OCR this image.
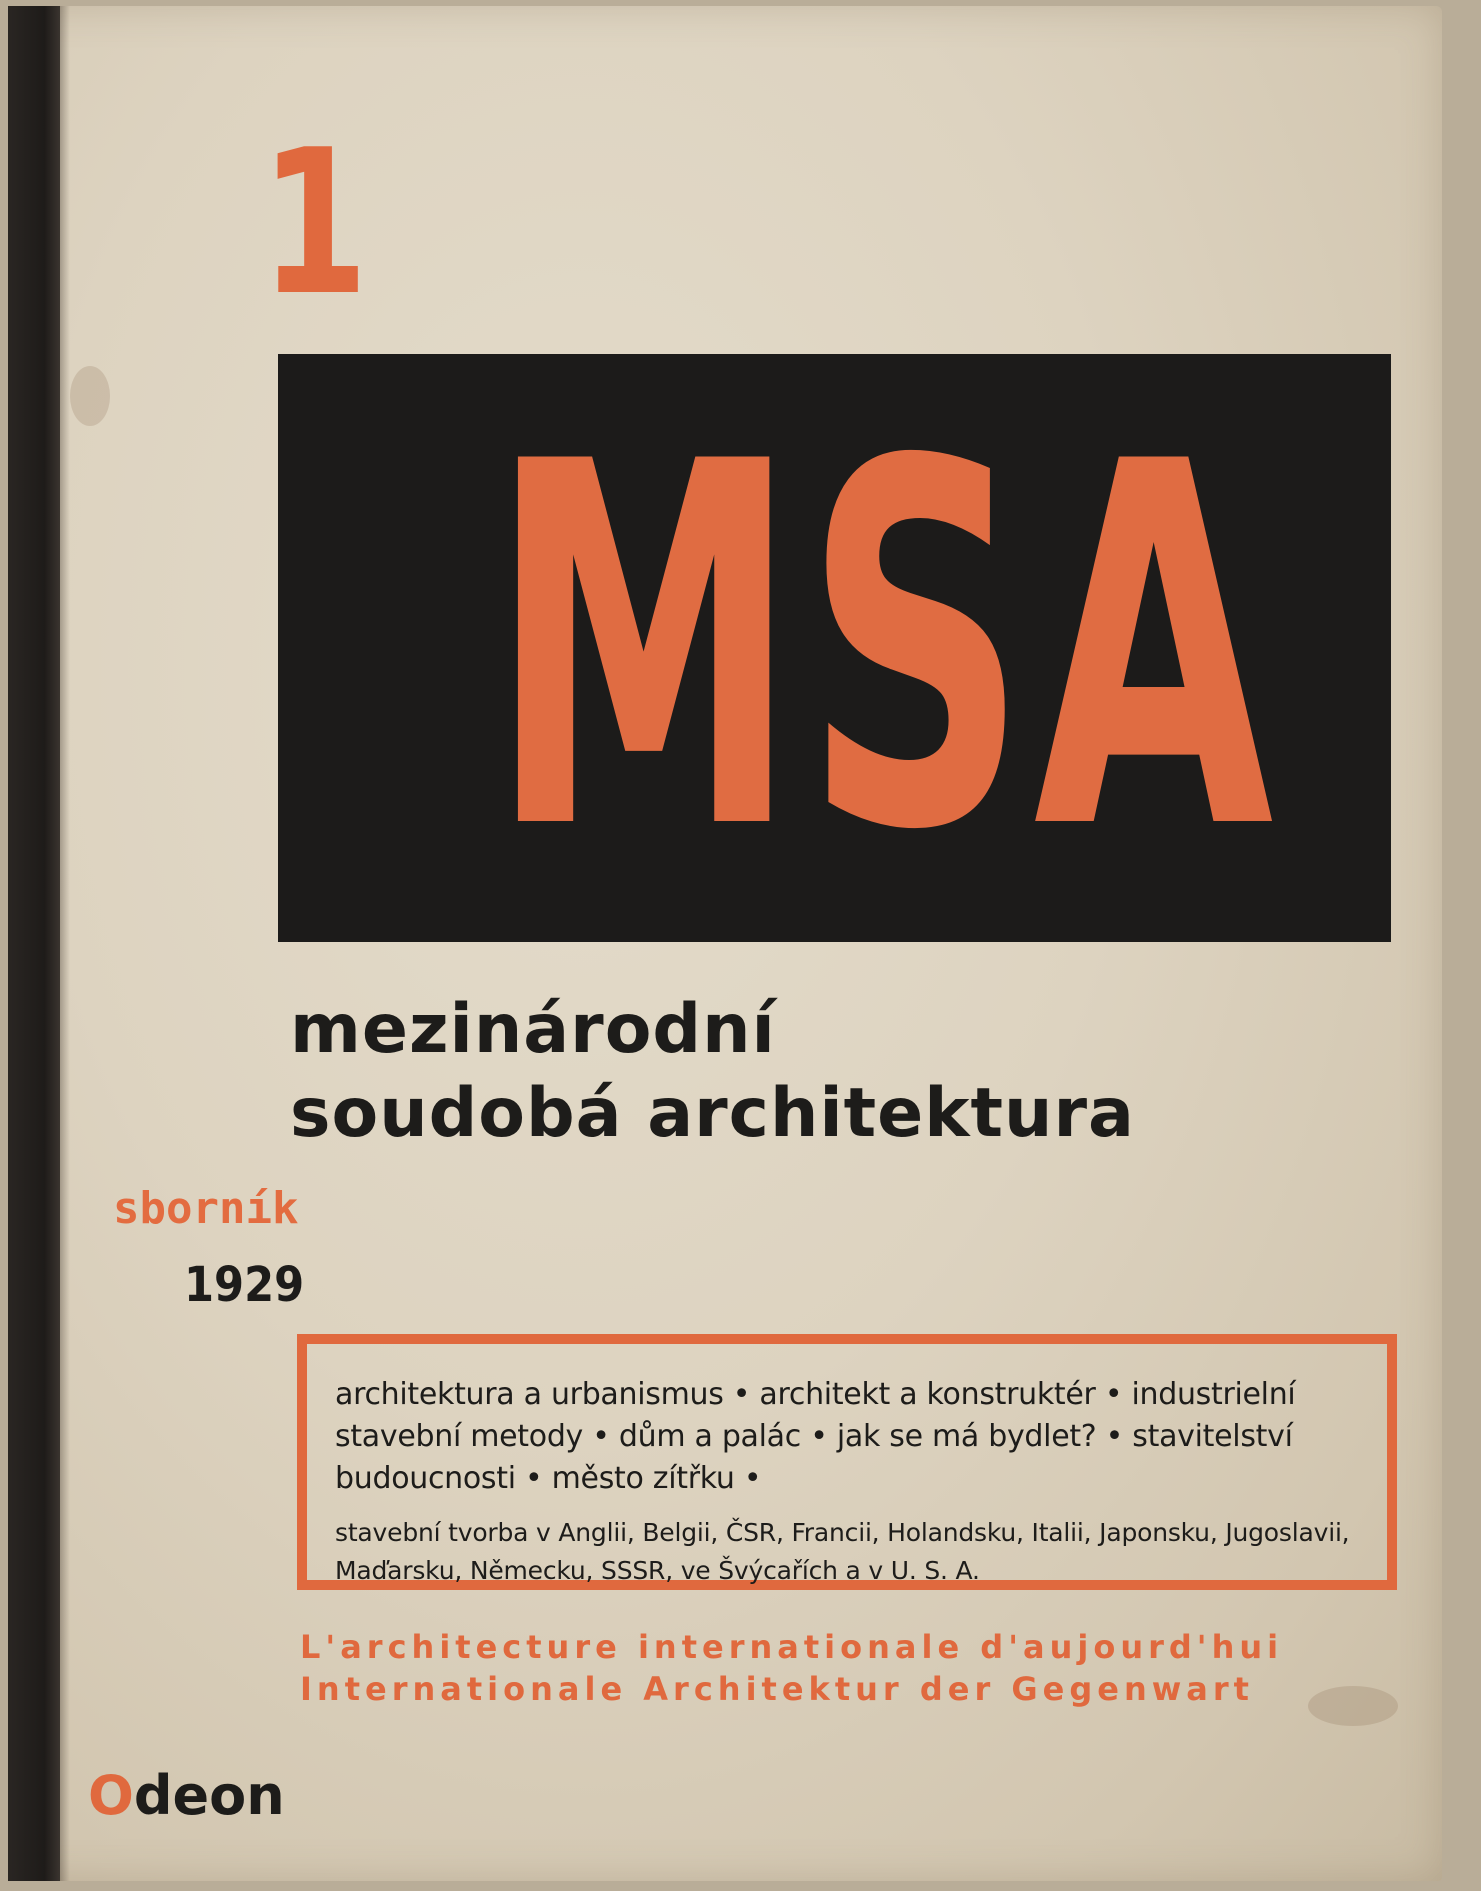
1
MSA
mezinárodní
soudobá architektura
sborník
1929

architektura a urbanismus • architekt a konstruktér • industrielní stavební metody • dům a palác • jak se má bydlet? • stavitelství budoucnosti • město zítřku •

stavební tvorba v Anglii, Belgii, ČSR, Francii, Holandsku, Italii, Japonsku, Jugoslavii, Maďarsku, Německu, SSSR, ve Švýcařích a v U. S. A.

L'architecture internationale d'aujourd'hui
Internationale Architektur der Gegenwart
Odeon
